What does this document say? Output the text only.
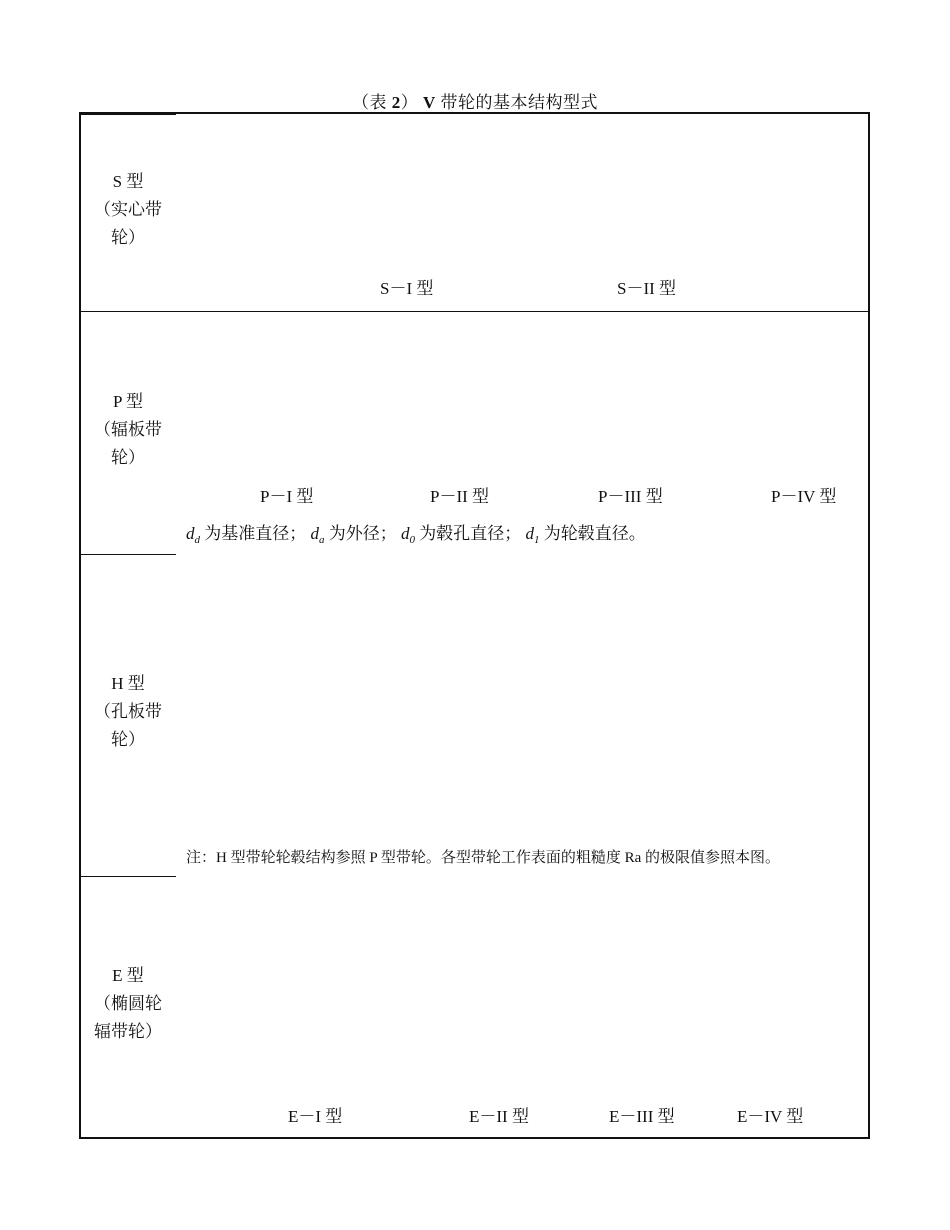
（表 2） V 带轮的基本结构型式
S 型
（实心带
轮）
S－I 型	S－II 型
P 型
（辐板带
轮）
P－I 型	P－II 型	P－III 型	P－IV 型
$d_d$ 为基准直径； $d_a$ 为外径； $d_0$ 为毂孔直径； $d_1$ 为轮毂直径。
H 型
（孔板带
轮）
注：H 型带轮轮毂结构参照 P 型带轮。各型带轮工作表面的粗糙度 Ra 的极限值参照本图。
E 型
（椭圆轮
辐带轮）
E－I 型	E－II 型	E－III 型	E－IV 型
